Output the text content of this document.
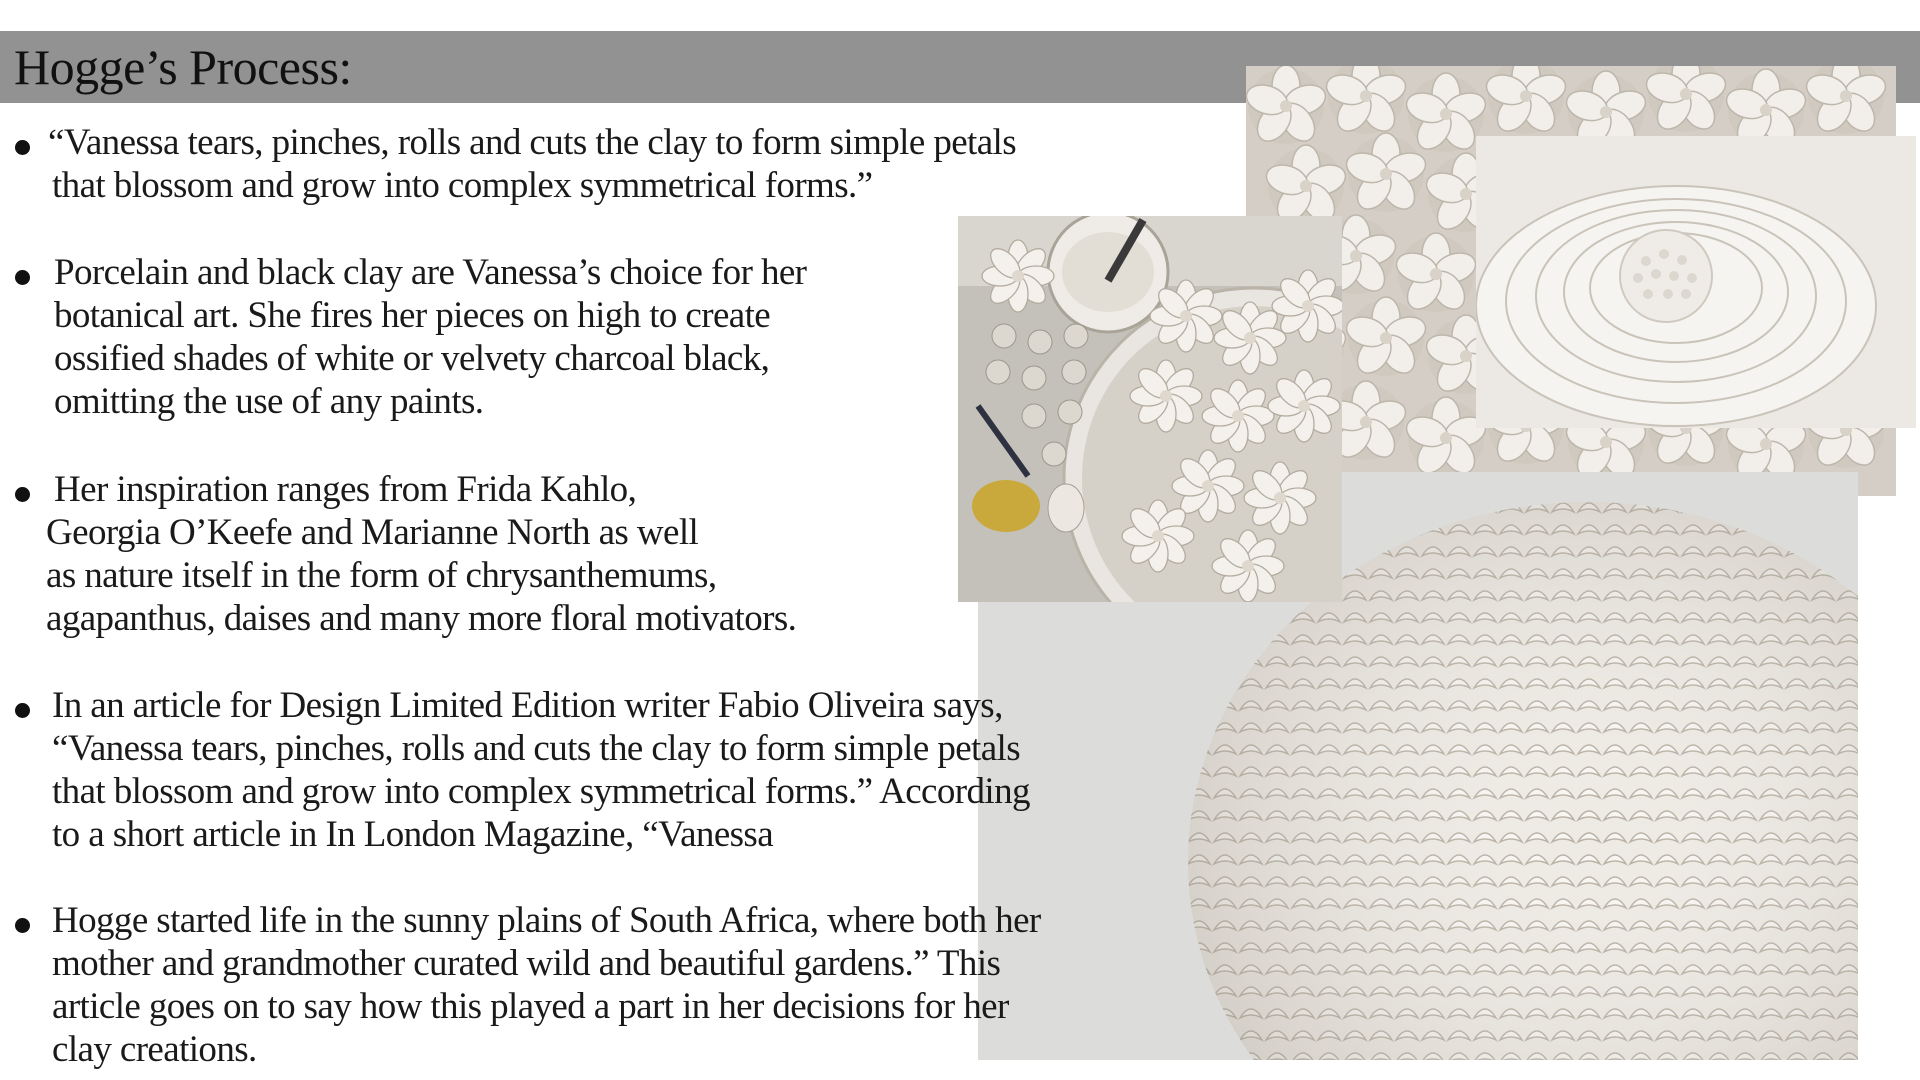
Hogge’s Process:
“Vanessa tears, pinches, rolls and cuts the clay to form simple petals
that blossom and grow into complex symmetrical forms.”
Porcelain and black clay are Vanessa’s choice for her
botanical art. She fires her pieces on high to create
ossified shades of white or velvety charcoal black,
omitting the use of any paints.
Her inspiration ranges from Frida Kahlo,
Georgia O’Keefe and Marianne North as well
as nature itself in the form of chrysanthemums,
agapanthus, daises and many more floral motivators.
In an article for Design Limited Edition writer Fabio Oliveira says,
“Vanessa tears, pinches, rolls and cuts the clay to form simple petals
that blossom and grow into complex symmetrical forms.” According
to a short article in In London Magazine, “Vanessa
Hogge started life in the sunny plains of South Africa, where both her
mother and grandmother curated wild and beautiful gardens.” This
article goes on to say how this played a part in her decisions for her
clay creations.
